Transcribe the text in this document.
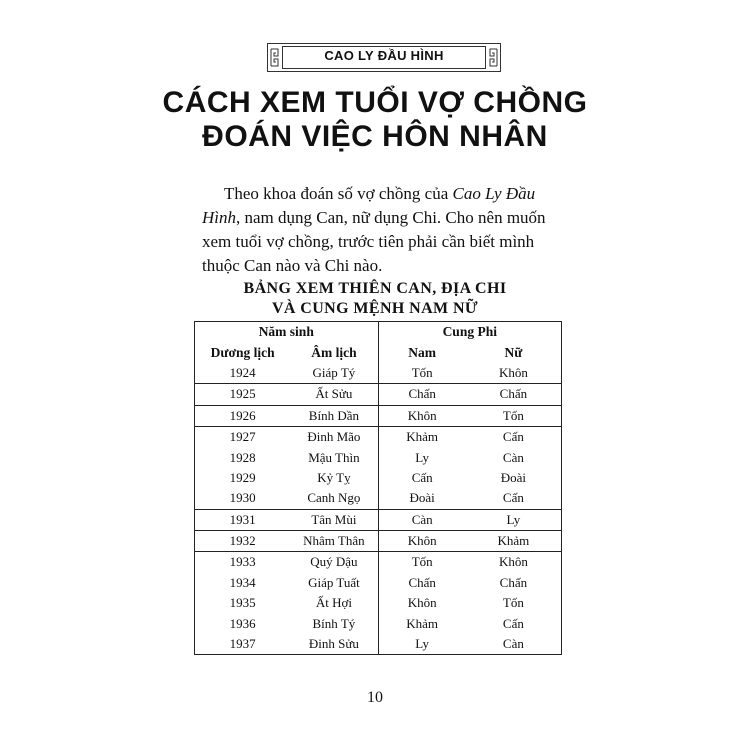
CAO LY ĐẦU HÌNH
CÁCH XEM TUỔI VỢ CHỒNG
ĐOÁN VIỆC HÔN NHÂN

Theo khoa đoán số vợ chồng của Cao Ly Đầu Hình, nam dụng Can, nữ dụng Chi. Cho nên muốn xem tuổi vợ chồng, trước tiên phải cần biết mình thuộc Can nào và Chi nào.

BẢNG XEM THIÊN CAN, ĐỊA CHI
VÀ CUNG MỆNH NAM NỮ
Năm sinh		Cung Phi	
Dương lịch	Âm lịch	Nam	Nữ
1924	Giáp Tý	Tốn	Khôn
1925	Ất Sửu	Chấn	Chấn
1926	Bính Dần	Khôn	Tốn
1927	Đinh Mão	Khảm	Cấn
1928	Mậu Thìn	Ly	Càn
1929	Kỷ Tỵ	Cấn	Đoài
1930	Canh Ngọ	Đoài	Cấn
1931	Tân Mùi	Càn	Ly
1932	Nhâm Thân	Khôn	Khảm
1933	Quý Dậu	Tốn	Khôn
1934	Giáp Tuất	Chấn	Chấn
1935	Ất Hợi	Khôn	Tốn
1936	Bính Tý	Khảm	Cấn
1937	Đinh Sửu	Ly	Càn
10
